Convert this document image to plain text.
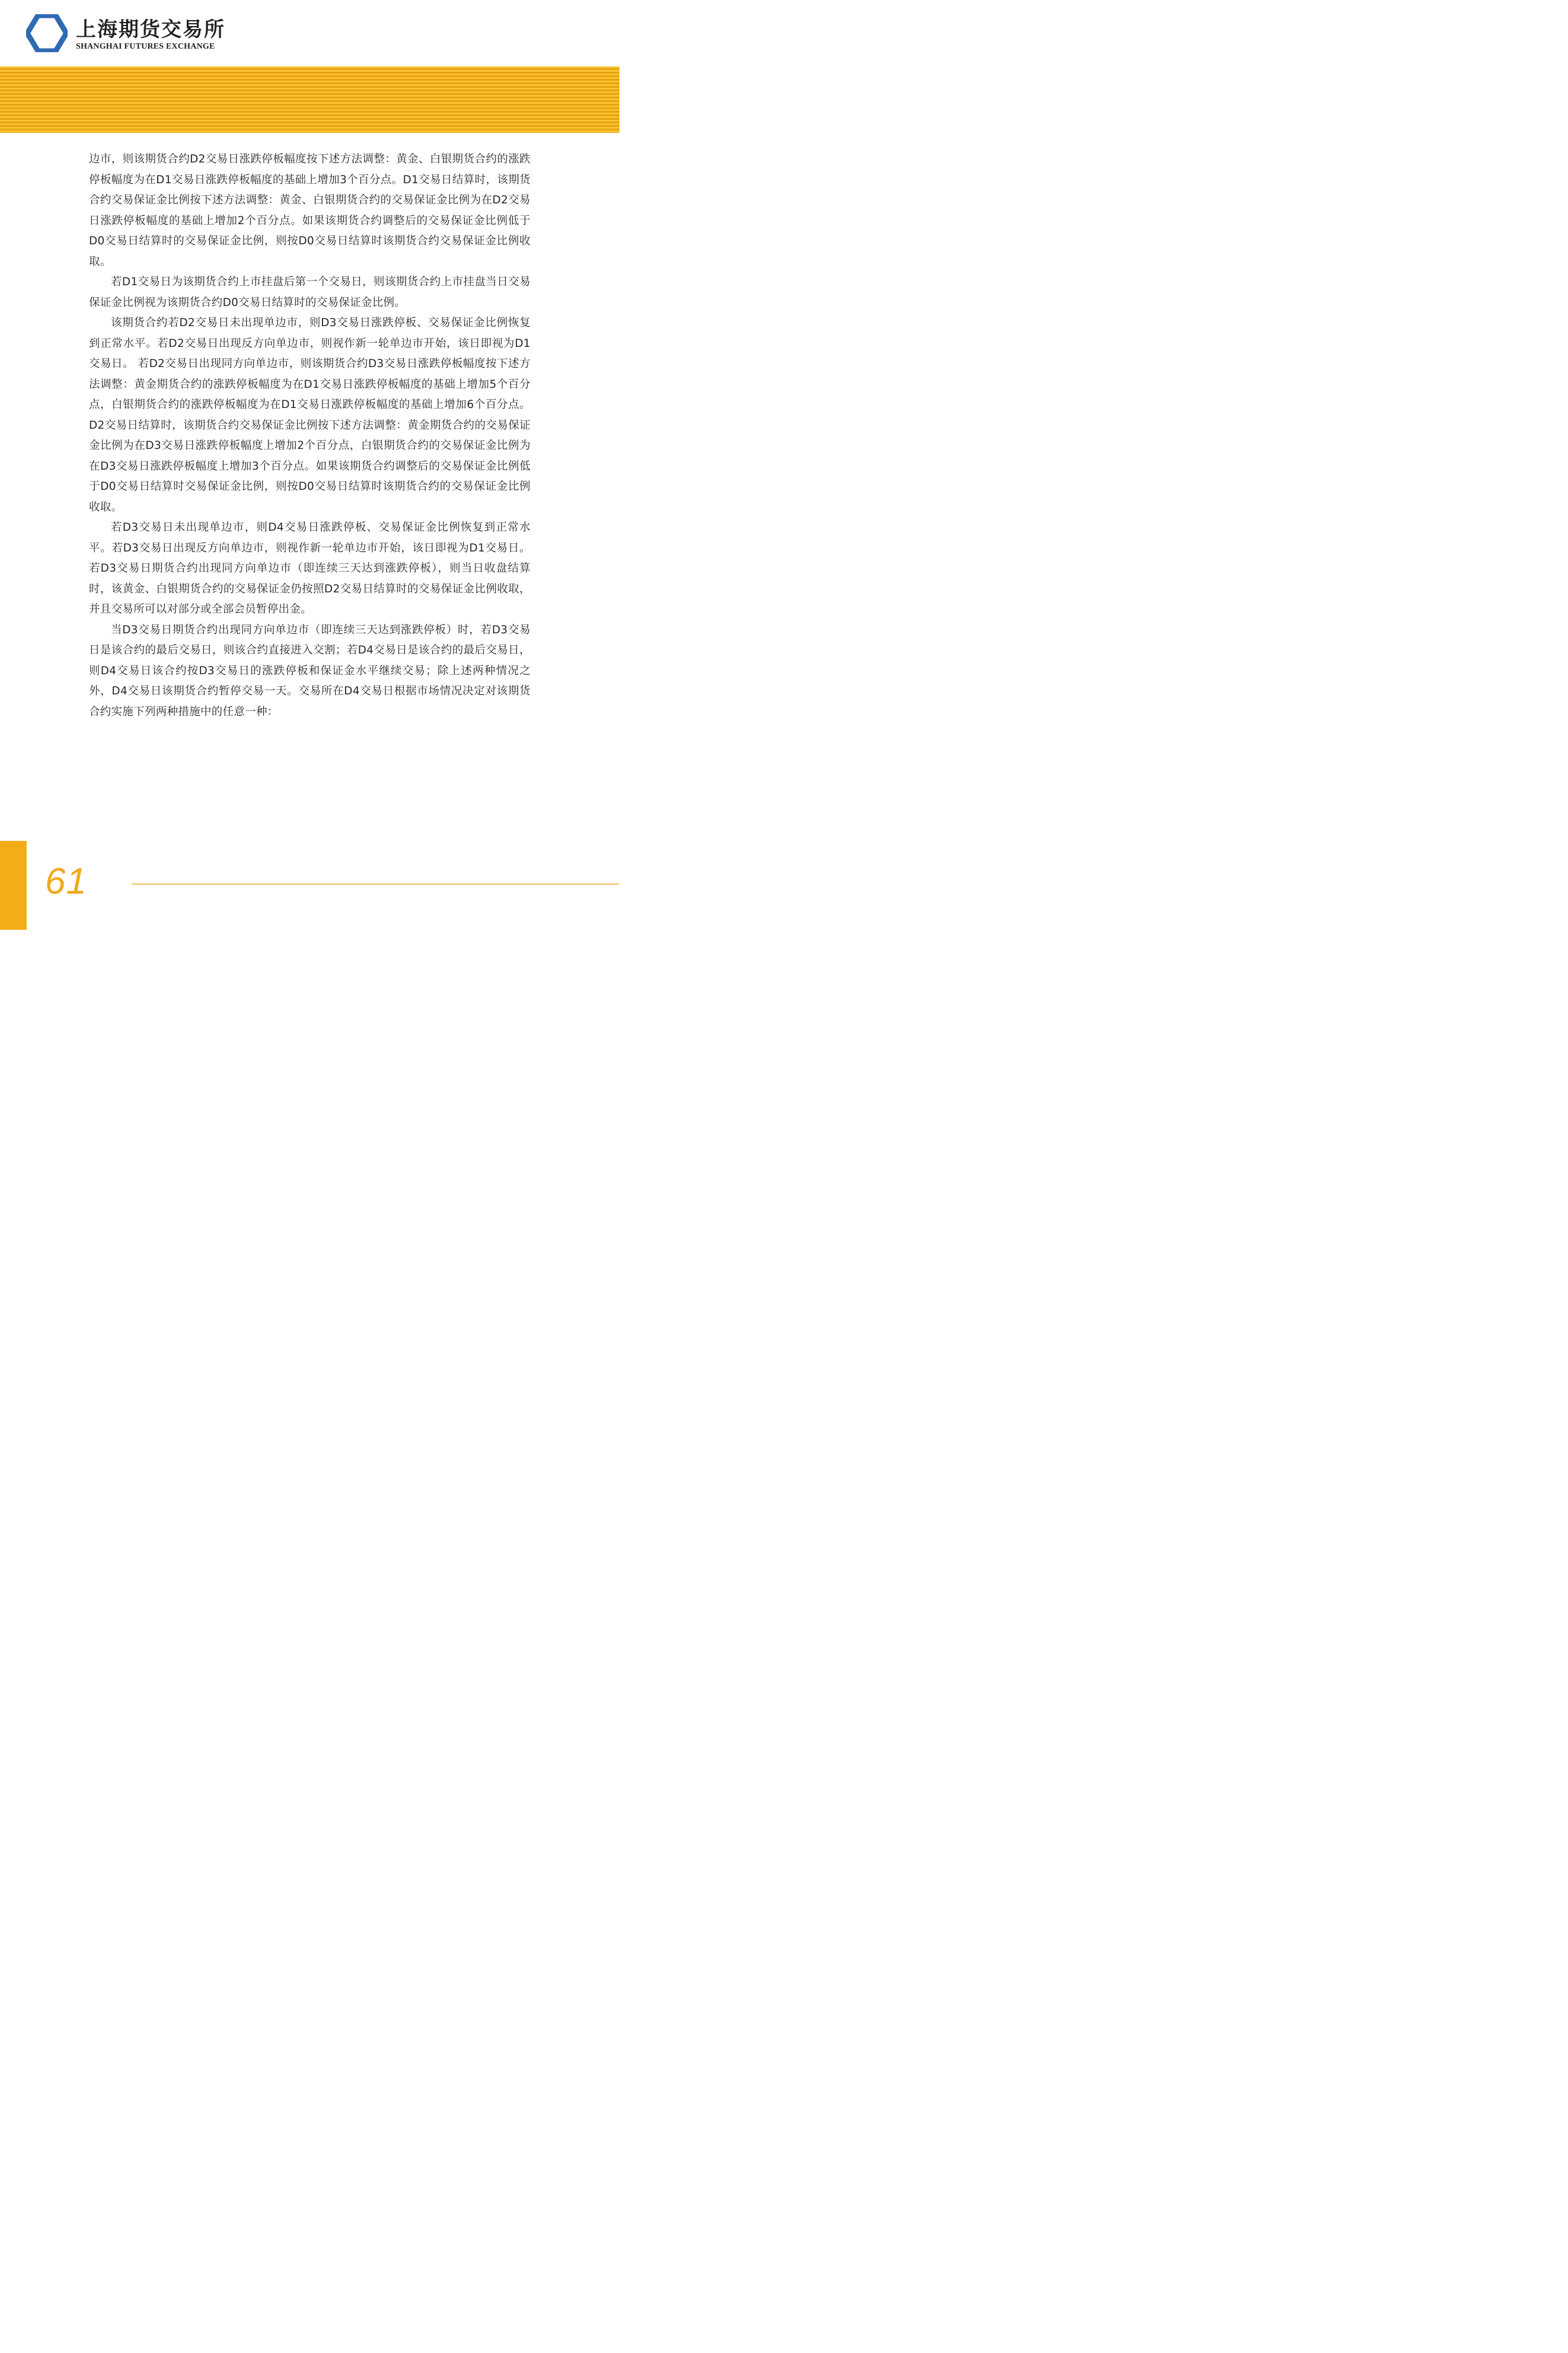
上海期货交易所
SHANGHAI FUTURES EXCHANGE

边市，则该期货合约D2交易日涨跌停板幅度按下述方法调整：黄金、白银期货合约的涨跌停板幅度为在D1交易日涨跌停板幅度的基础上增加3个百分点。D1交易日结算时，该期货合约交易保证金比例按下述方法调整：黄金、白银期货合约的交易保证金比例为在D2交易日涨跌停板幅度的基础上增加2个百分点。如果该期货合约调整后的交易保证金比例低于D0交易日结算时的交易保证金比例，则按D0交易日结算时该期货合约交易保证金比例收取。

若D1交易日为该期货合约上市挂盘后第一个交易日，则该期货合约上市挂盘当日交易保证金比例视为该期货合约D0交易日结算时的交易保证金比例。

该期货合约若D2交易日未出现单边市，则D3交易日涨跌停板、交易保证金比例恢复到正常水平。若D2交易日出现反方向单边市，则视作新一轮单边市开始，该日即视为D1交易日。 若D2交易日出现同方向单边市，则该期货合约D3交易日涨跌停板幅度按下述方法调整：黄金期货合约的涨跌停板幅度为在D1交易日涨跌停板幅度的基础上增加5个百分点，白银期货合约的涨跌停板幅度为在D1交易日涨跌停板幅度的基础上增加6个百分点。D2交易日结算时，该期货合约交易保证金比例按下述方法调整：黄金期货合约的交易保证金比例为在D3交易日涨跌停板幅度上增加2个百分点，白银期货合约的交易保证金比例为在D3交易日涨跌停板幅度上增加3个百分点。如果该期货合约调整后的交易保证金比例低于D0交易日结算时交易保证金比例，则按D0交易日结算时该期货合约的交易保证金比例收取。

若D3交易日未出现单边市，则D4交易日涨跌停板、交易保证金比例恢复到正常水平。若D3交易日出现反方向单边市，则视作新一轮单边市开始，该日即视为D1交易日。 若D3交易日期货合约出现同方向单边市（即连续三天达到涨跌停板），则当日收盘结算时，该黄金、白银期货合约的交易保证金仍按照D2交易日结算时的交易保证金比例收取，并且交易所可以对部分或全部会员暂停出金。

当D3交易日期货合约出现同方向单边市（即连续三天达到涨跌停板）时，若D3交易日是该合约的最后交易日，则该合约直接进入交割；若D4交易日是该合约的最后交易日，则D4交易日该合约按D3交易日的涨跌停板和保证金水平继续交易；除上述两种情况之外，D4交易日该期货合约暂停交易一天。交易所在D4交易日根据市场情况决定对该期货合约实施下列两种措施中的任意一种：

61
